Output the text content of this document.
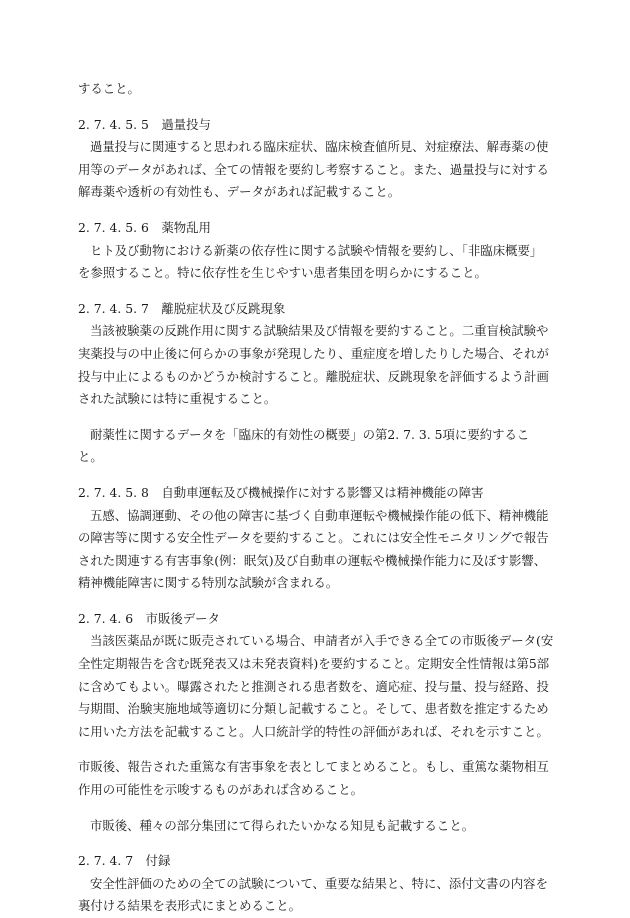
すること。

2. 7. 4. 5. 5　過量投与

過量投与に関連すると思われる臨床症状、臨床検査値所見、対症療法、解毒薬の使用等のデータがあれば、全ての情報を要約し考察すること。また、過量投与に対する解毒薬や透析の有効性も、データがあれば記載すること。

2. 7. 4. 5. 6　薬物乱用

ヒト及び動物における新薬の依存性に関する試験や情報を要約し、「非臨床概要」を参照すること。特に依存性を生じやすい患者集団を明らかにすること。

2. 7. 4. 5. 7　離脱症状及び反跳現象

当該被験薬の反跳作用に関する試験結果及び情報を要約すること。二重盲検試験や実薬投与の中止後に何らかの事象が発現したり、重症度を増したりした場合、それが投与中止によるものかどうか検討すること。離脱症状、反跳現象を評価するよう計画された試験には特に重視すること。

耐薬性に関するデータを「臨床的有効性の概要」の第2. 7. 3. 5項に要約すること。

2. 7. 4. 5. 8　自動車運転及び機械操作に対する影響又は精神機能の障害

五感、協調運動、その他の障害に基づく自動車運転や機械操作能の低下、精神機能の障害等に関する安全性データを要約すること。これには安全性モニタリングで報告された関連する有害事象(例：眠気)及び自動車の運転や機械操作能力に及ぼす影響、精神機能障害に関する特別な試験が含まれる。

2. 7. 4. 6　市販後データ

当該医薬品が既に販売されている場合、申請者が入手できる全ての市販後データ(安全性定期報告を含む既発表又は未発表資料)を要約すること。定期安全性情報は第5部に含めてもよい。曝露されたと推測される患者数を、適応症、投与量、投与経路、投与期間、治験実施地域等適切に分類し記載すること。そして、患者数を推定するために用いた方法を記載すること。人口統計学的特性の評価があれば、それを示すこと。

市販後、報告された重篤な有害事象を表としてまとめること。もし、重篤な薬物相互作用の可能性を示唆するものがあれば含めること。

市販後、種々の部分集団にて得られたいかなる知見も記載すること。

2. 7. 4. 7　付録

安全性評価のための全ての試験について、重要な結果と、特に、添付文書の内容を裏付ける結果を表形式にまとめること。
